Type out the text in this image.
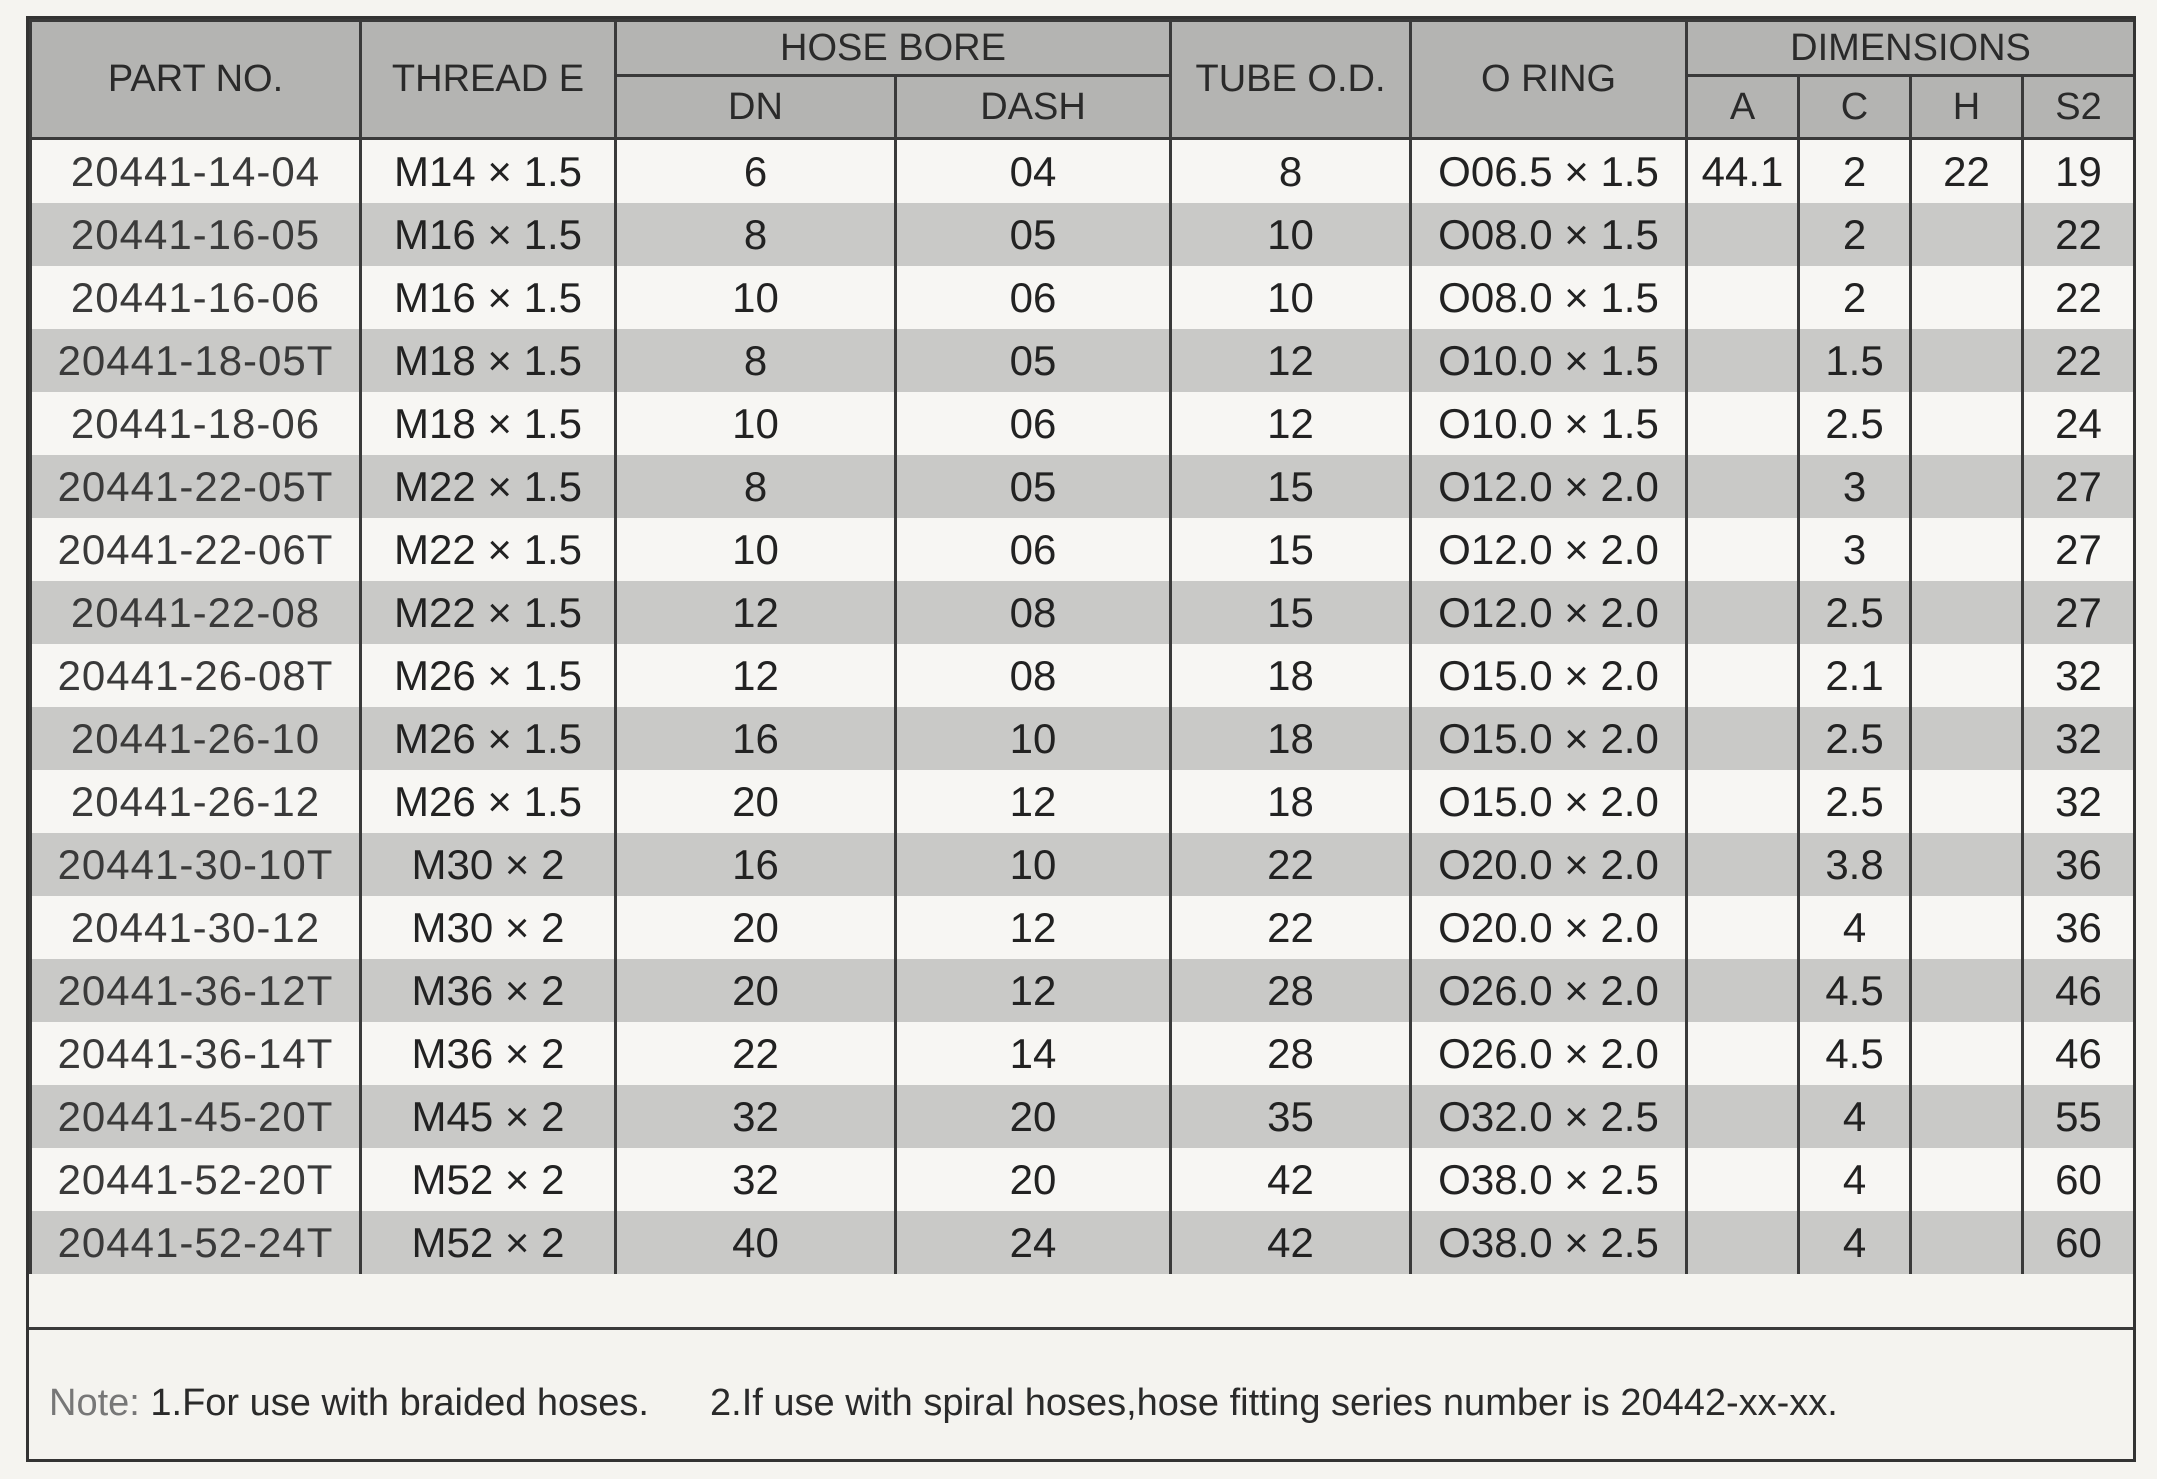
PART NO.	THREAD E	HOSE BORE		TUBE O.D.	O RING	DIMENSIONS			
		DN	DASH			A	C	H	S2
20441-14-04	M14 × 1.5	6	04	8	O06.5 × 1.5	44.1	2	22	19
20441-16-05	M16 × 1.5	8	05	10	O08.0 × 1.5		2		22
20441-16-06	M16 × 1.5	10	06	10	O08.0 × 1.5		2		22
20441-18-05T	M18 × 1.5	8	05	12	O10.0 × 1.5		1.5		22
20441-18-06	M18 × 1.5	10	06	12	O10.0 × 1.5		2.5		24
20441-22-05T	M22 × 1.5	8	05	15	O12.0 × 2.0		3		27
20441-22-06T	M22 × 1.5	10	06	15	O12.0 × 2.0		3		27
20441-22-08	M22 × 1.5	12	08	15	O12.0 × 2.0		2.5		27
20441-26-08T	M26 × 1.5	12	08	18	O15.0 × 2.0		2.1		32
20441-26-10	M26 × 1.5	16	10	18	O15.0 × 2.0		2.5		32
20441-26-12	M26 × 1.5	20	12	18	O15.0 × 2.0		2.5		32
20441-30-10T	M30 × 2	16	10	22	O20.0 × 2.0		3.8		36
20441-30-12	M30 × 2	20	12	22	O20.0 × 2.0		4		36
20441-36-12T	M36 × 2	20	12	28	O26.0 × 2.0		4.5		46
20441-36-14T	M36 × 2	22	14	28	O26.0 × 2.0		4.5		46
20441-45-20T	M45 × 2	32	20	35	O32.0 × 2.5		4		55
20441-52-20T	M52 × 2	32	20	42	O38.0 × 2.5		4		60
20441-52-24T	M52 × 2	40	24	42	O38.0 × 2.5		4		60
Note: 1.For use with braided hoses. 2.If use with spiral hoses,hose fitting series number is 20442-xx-xx.
